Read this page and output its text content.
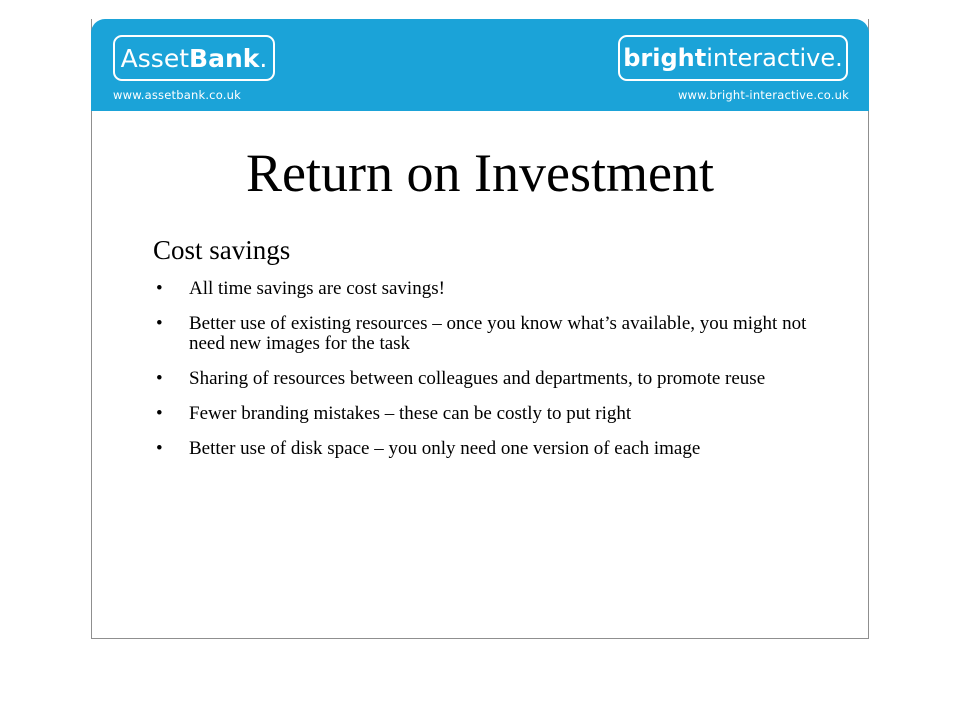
Asset Bank .
www.assetbank.co.uk
bright interactive .
www.bright-interactive.co.uk
Return on Investment
Cost savings
• All time savings are cost savings!
• Better use of existing resources – once you know what’s available, you might not need new images for the task
• Sharing of resources between colleagues and departments, to promote reuse
• Fewer branding mistakes – these can be costly to put right
• Better use of disk space – you only need one version of each image
